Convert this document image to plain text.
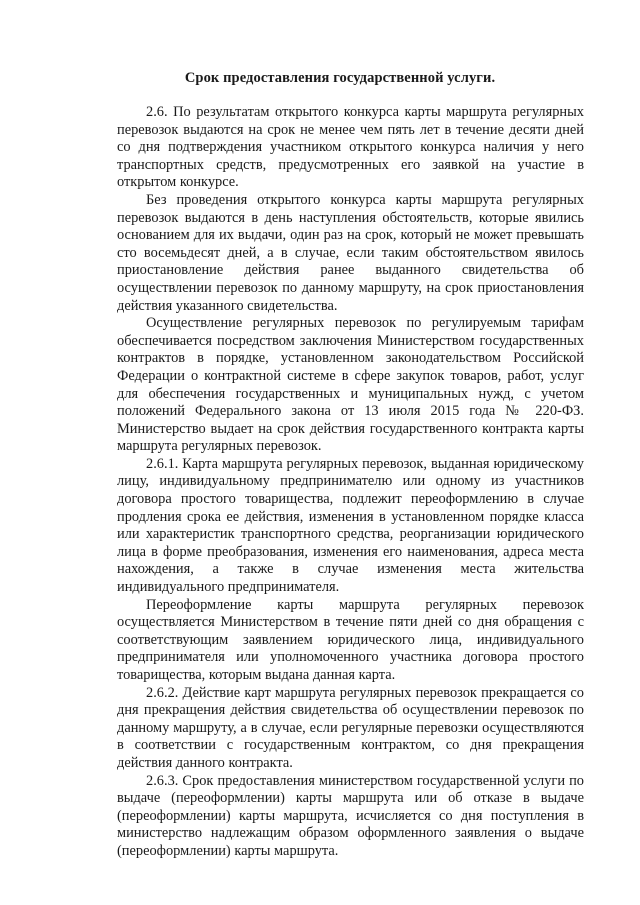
Срок предоставления государственной услуги.

2.6. По результатам открытого конкурса карты маршрута регулярных перевозок выдаются на срок не менее чем пять лет в течение десяти дней со дня подтверждения участником открытого конкурса наличия у него транспортных средств, предусмотренных его заявкой на участие в открытом конкурсе.

Без проведения открытого конкурса карты маршрута регулярных перевозок выдаются в день наступления обстоятельств, которые явились основанием для их выдачи, один раз на срок, который не может превышать сто восемьдесят дней, а в случае, если таким обстоятельством явилось приостановление действия ранее выданного свидетельства об осуществлении перевозок по данному маршруту, на срок приостановления действия указанного свидетельства.

Осуществление регулярных перевозок по регулируемым тарифам обеспечивается посредством заключения Министерством государственных контрактов в порядке, установленном законодательством Российской Федерации о контрактной системе в сфере закупок товаров, работ, услуг для обеспечения государственных и муниципальных нужд, с учетом положений Федерального закона от 13 июля 2015 года № 220-ФЗ. Министерство выдает на срок действия государственного контракта карты маршрута регулярных перевозок.

2.6.1. Карта маршрута регулярных перевозок, выданная юридическому лицу, индивидуальному предпринимателю или одному из участников договора простого товарищества, подлежит переоформлению в случае продления срока ее действия, изменения в установленном порядке класса или характеристик транспортного средства, реорганизации юридического лица в форме преобразования, изменения его наименования, адреса места нахождения, а также в случае изменения места жительства индивидуального предпринимателя.

Переоформление карты маршрута регулярных перевозок осуществляется Министерством в течение пяти дней со дня обращения с соответствующим заявлением юридического лица, индивидуального предпринимателя или уполномоченного участника договора простого товарищества, которым выдана данная карта.

2.6.2. Действие карт маршрута регулярных перевозок прекращается со дня прекращения действия свидетельства об осуществлении перевозок по данному маршруту, а в случае, если регулярные перевозки осуществляются в соответствии с государственным контрактом, со дня прекращения действия данного контракта.

2.6.3. Срок предоставления министерством государственной услуги по выдаче (переоформлении) карты маршрута или об отказе в выдаче (переоформлении) карты маршрута, исчисляется со дня поступления в министерство надлежащим образом оформленного заявления о выдаче (переоформлении) карты маршрута.
